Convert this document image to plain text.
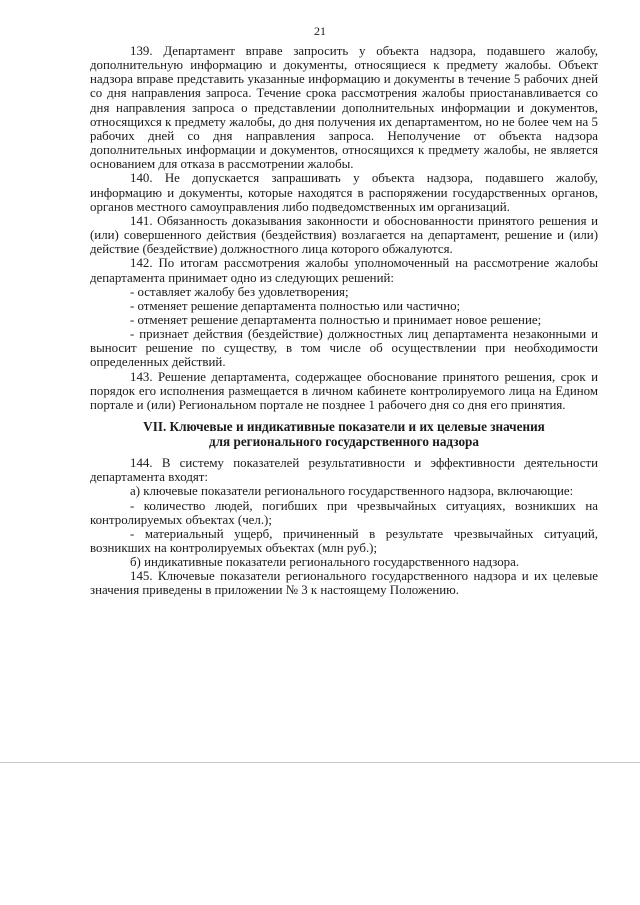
21

139. Департамент вправе запросить у объекта надзора, подавшего жалобу, дополнительную информацию и документы, относящиеся к предмету жалобы. Объект надзора вправе представить указанные информацию и документы в течение 5 рабочих дней со дня направления запроса. Течение срока рассмотрения жалобы приостанавливается со дня направления запроса о представлении дополнительных информации и документов, относящихся к предмету жалобы, до дня получения их департаментом, но не более чем на 5 рабочих дней со дня направления запроса. Неполучение от объекта надзора дополнительных информации и документов, относящихся к предмету жалобы, не является основанием для отказа в рассмотрении жалобы.

140. Не допускается запрашивать у объекта надзора, подавшего жалобу, информацию и документы, которые находятся в распоряжении государственных органов, органов местного самоуправления либо подведомственных им организаций.

141. Обязанность доказывания законности и обоснованности принятого решения и (или) совершенного действия (бездействия) возлагается на департамент, решение и (или) действие (бездействие) должностного лица которого обжалуются.

142. По итогам рассмотрения жалобы уполномоченный на рассмотрение жалобы департамента принимает одно из следующих решений:

- оставляет жалобу без удовлетворения;

- отменяет решение департамента полностью или частично;

- отменяет решение департамента полностью и принимает новое решение;

- признает действия (бездействие) должностных лиц департамента незаконными и выносит решение по существу, в том числе об осуществлении при необходимости определенных действий.

143. Решение департамента, содержащее обоснование принятого решения, срок и порядок его исполнения размещается в личном кабинете контролируемого лица на Едином портале и (или) Региональном портале не позднее 1 рабочего дня со дня его принятия.

VII. Ключевые и индикативные показатели и их целевые значения

для регионального государственного надзора

144. В систему показателей результативности и эффективности деятельности департамента входят:

а) ключевые показатели регионального государственного надзора, включающие:

- количество людей, погибших при чрезвычайных ситуациях, возникших на контролируемых объектах (чел.);

- материальный ущерб, причиненный в результате чрезвычайных ситуаций, возникших на контролируемых объектах (млн руб.);

б) индикативные показатели регионального государственного надзора.

145. Ключевые показатели регионального государственного надзора и их целевые значения приведены в приложении № 3 к настоящему Положению.
